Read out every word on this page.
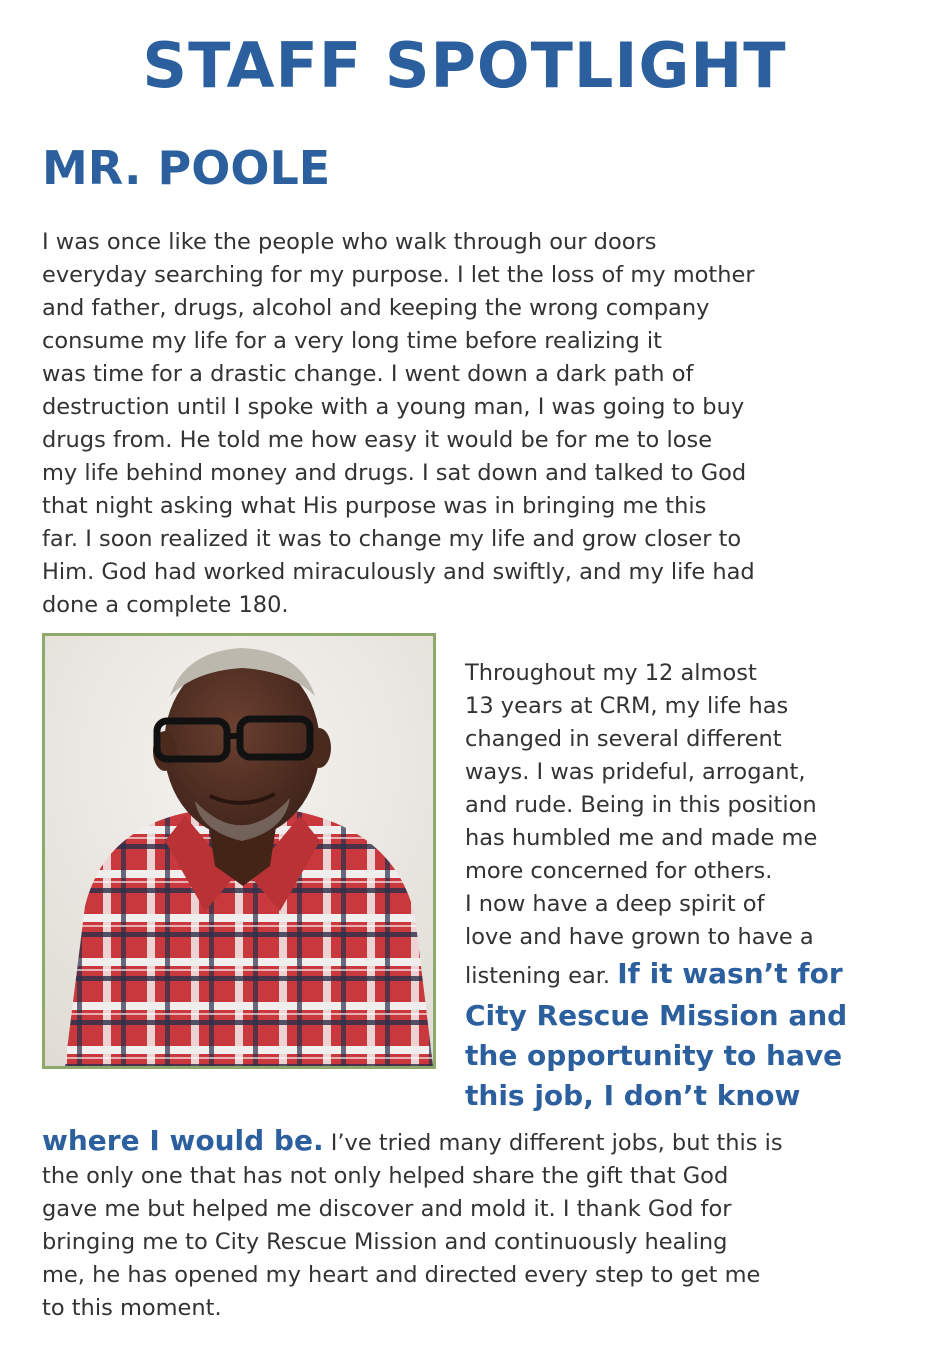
STAFF SPOTLIGHT
MR. POOLE
I was once like the people who walk through our doors
everyday searching for my purpose. I let the loss of my mother
and father, drugs, alcohol and keeping the wrong company
consume my life for a very long time before realizing it
was time for a drastic change. I went down a dark path of
destruction until I spoke with a young man, I was going to buy
drugs from. He told me how easy it would be for me to lose
my life behind money and drugs. I sat down and talked to God
that night asking what His purpose was in bringing me this
far. I soon realized it was to change my life and grow closer to
Him. God had worked miraculously and swiftly, and my life had
done a complete 180.
Throughout my 12 almost
13 years at CRM, my life has
changed in several different
ways. I was prideful, arrogant,
and rude. Being in this position
has humbled me and made me
more concerned for others.
I now have a deep spirit of
love and have grown to have a
listening ear. If it wasn’t for
City Rescue Mission and
the opportunity to have
this job, I don’t know
where I would be. I’ve tried many different jobs, but this is
the only one that has not only helped share the gift that God
gave me but helped me discover and mold it. I thank God for
bringing me to City Rescue Mission and continuously healing
me, he has opened my heart and directed every step to get me
to this moment.
